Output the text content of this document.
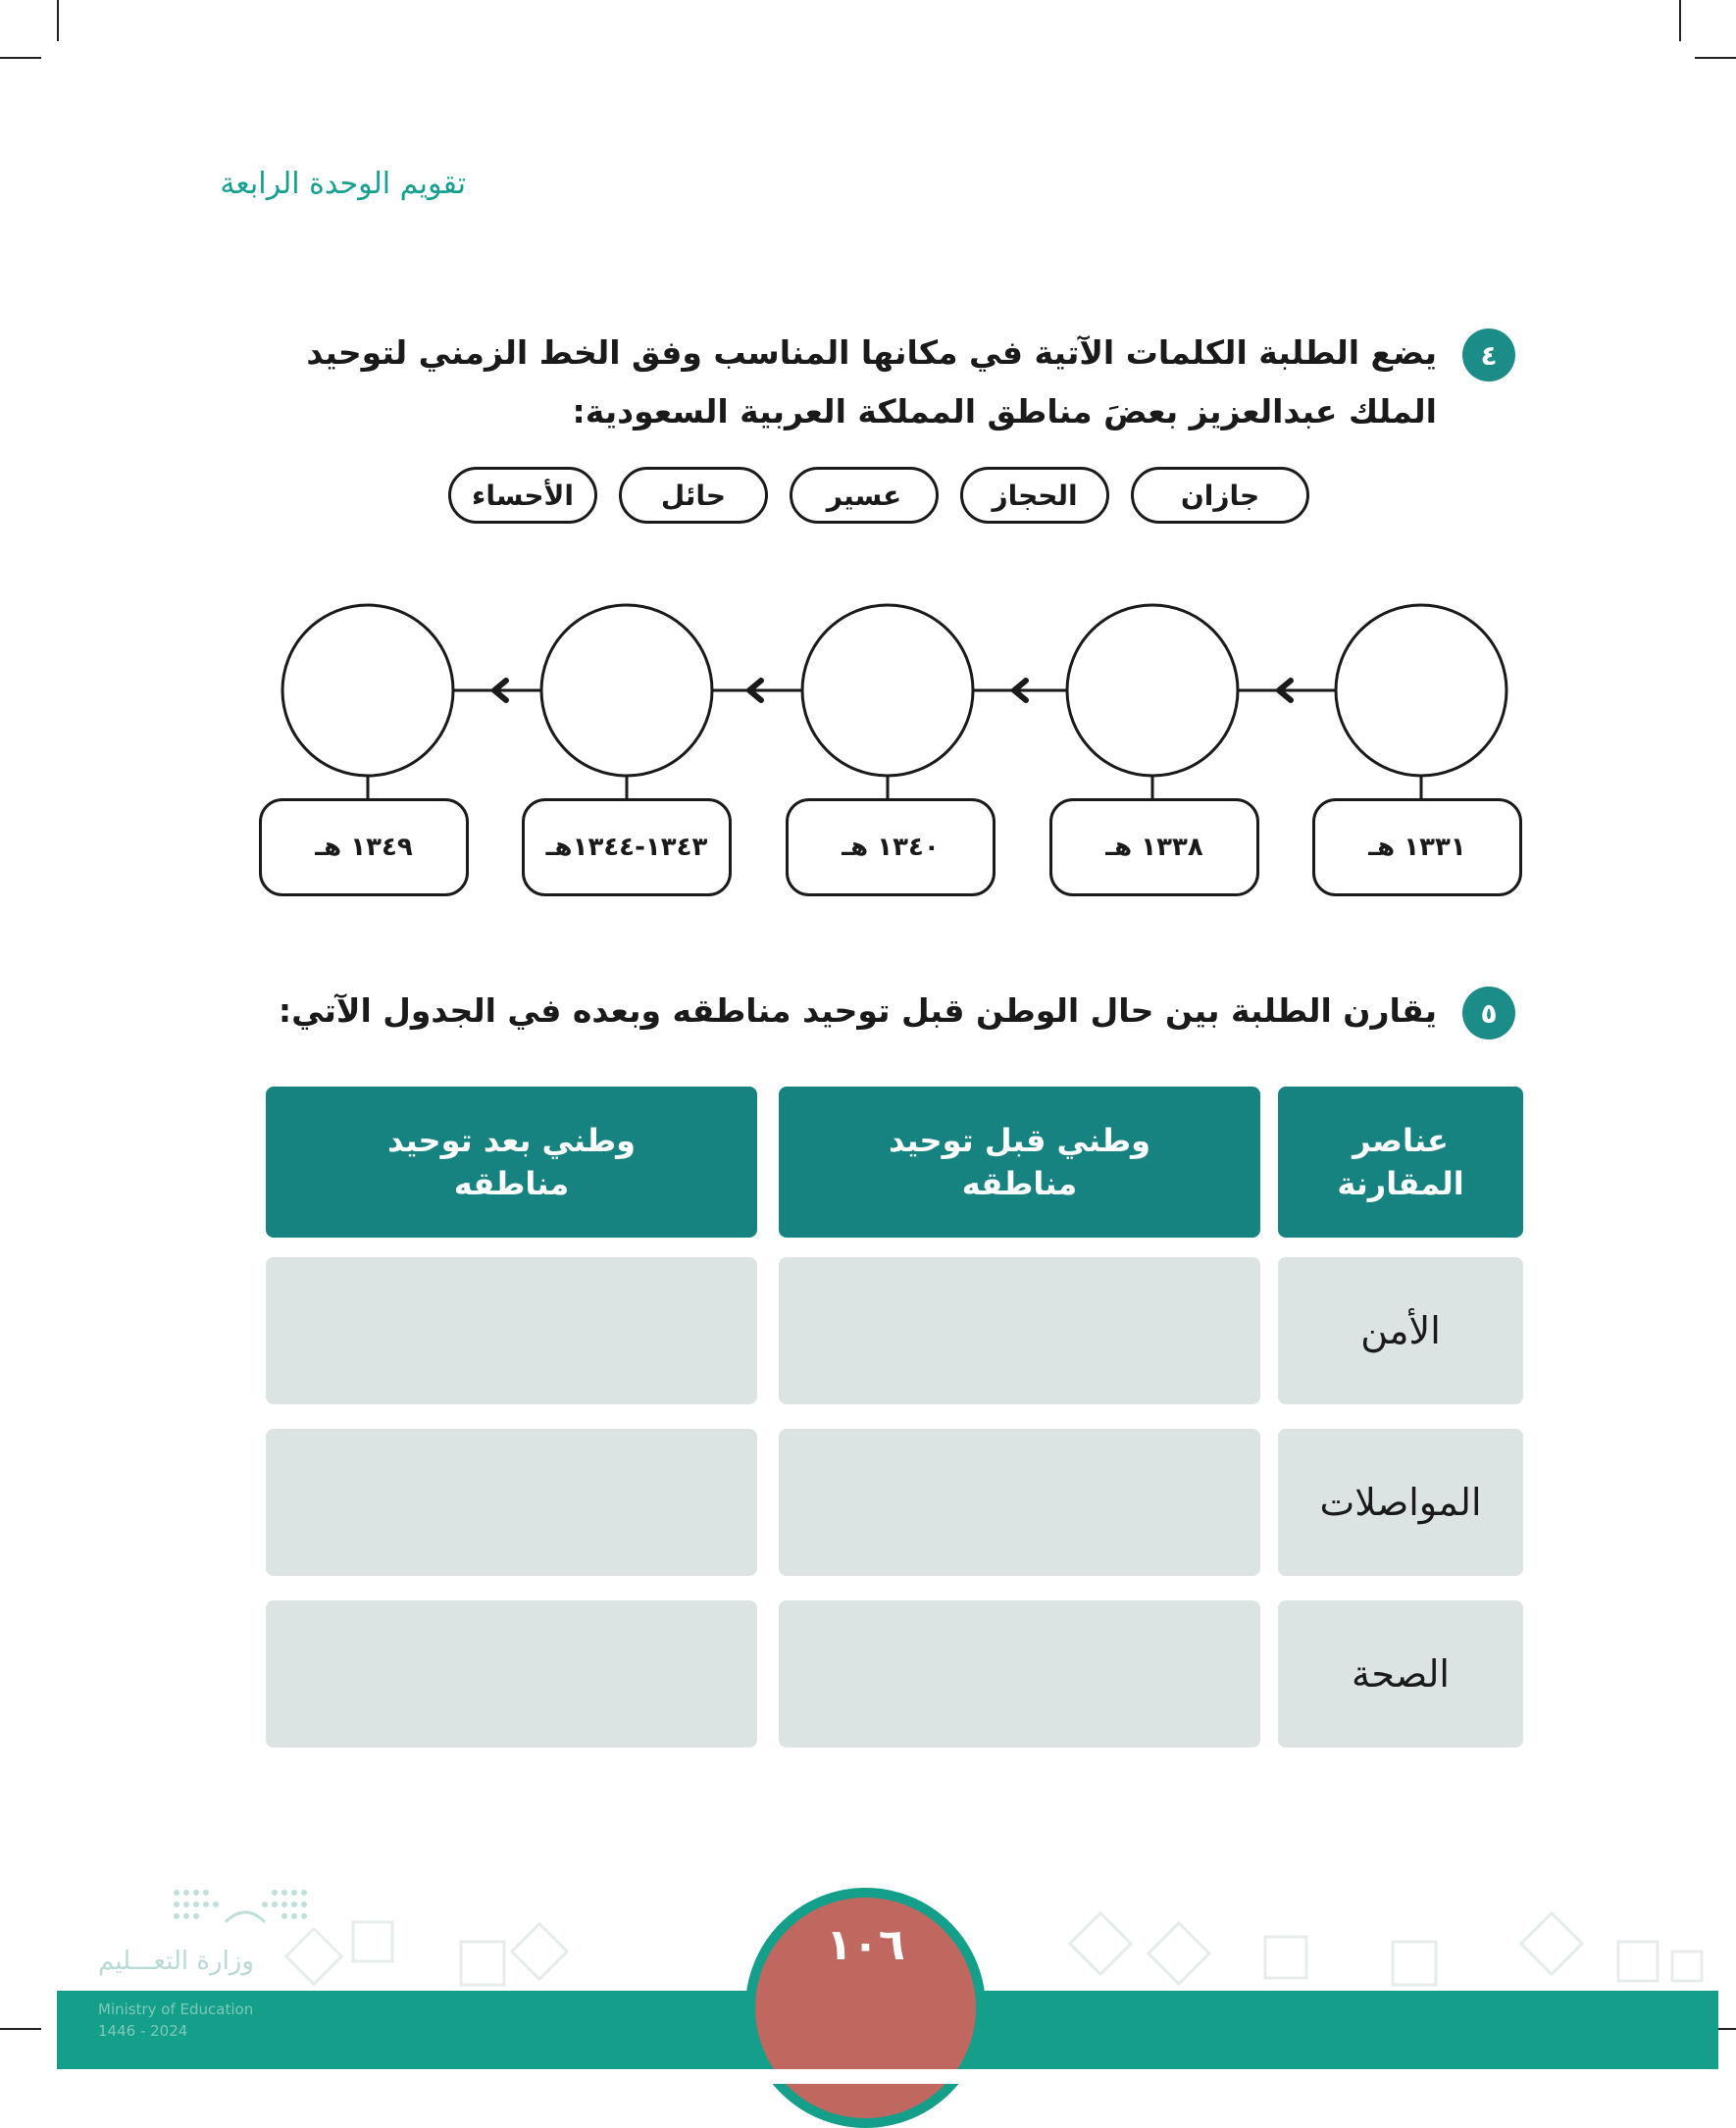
تقويم الوحدة الرابعة
٤
يضع الطلبة الكلمات الآتية في مكانها المناسب وفق الخط الزمني لتوحيد
الملك عبدالعزيز بعضَ مناطق المملكة العربية السعودية:
جازان
الحجاز
عسير
حائل
الأحساء
١٣٣١ هـ
١٣٣٨ هـ
١٣٤٠ هـ
١٣٤٣-١٣٤٤هـ
١٣٤٩ هـ
٥
يقارن الطلبة بين حال الوطن قبل توحيد مناطقه وبعده في الجدول الآتي:
عناصر
المقارنة
وطني قبل توحيد
مناطقه
وطني بعد توحيد
مناطقه
الأمن
المواصلات
الصحة
١٠٦
وزارة التعـــليم
Ministry of Education
2024 - 1446
